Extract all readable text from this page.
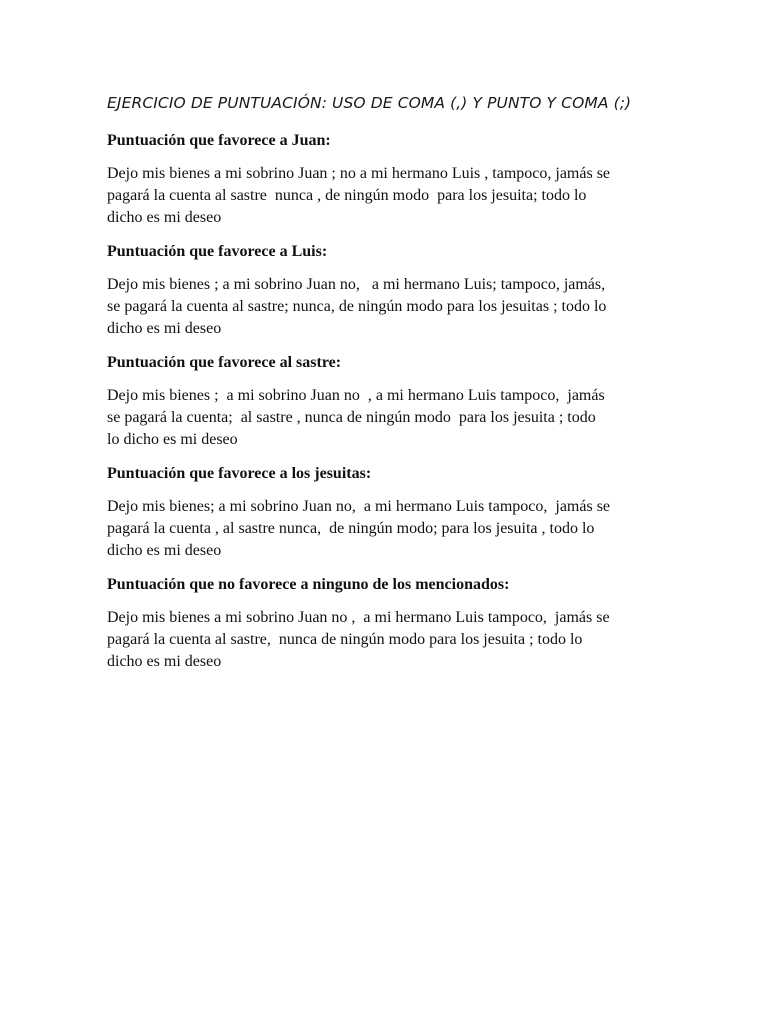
EJERCICIO DE PUNTUACIÓN: USO DE COMA (,) Y PUNTO Y COMA (;)

Puntuación que favorece a Juan:

Dejo mis bienes a mi sobrino Juan ; no a mi hermano Luis , tampoco, jamás se
pagará la cuenta al sastre  nunca , de ningún modo  para los jesuita; todo lo
dicho es mi deseo

Puntuación que favorece a Luis:

Dejo mis bienes ; a mi sobrino Juan no,   a mi hermano Luis; tampoco, jamás,
se pagará la cuenta al sastre; nunca, de ningún modo para los jesuitas ; todo lo
dicho es mi deseo

Puntuación que favorece al sastre:

Dejo mis bienes ;  a mi sobrino Juan no  , a mi hermano Luis tampoco,  jamás
se pagará la cuenta;  al sastre , nunca de ningún modo  para los jesuita ; todo
lo dicho es mi deseo

Puntuación que favorece a los jesuitas:

Dejo mis bienes; a mi sobrino Juan no,  a mi hermano Luis tampoco,  jamás se
pagará la cuenta , al sastre nunca,  de ningún modo; para los jesuita , todo lo
dicho es mi deseo

Puntuación que no favorece a ninguno de los mencionados:

Dejo mis bienes a mi sobrino Juan no ,  a mi hermano Luis tampoco,  jamás se
pagará la cuenta al sastre,  nunca de ningún modo para los jesuita ; todo lo
dicho es mi deseo
